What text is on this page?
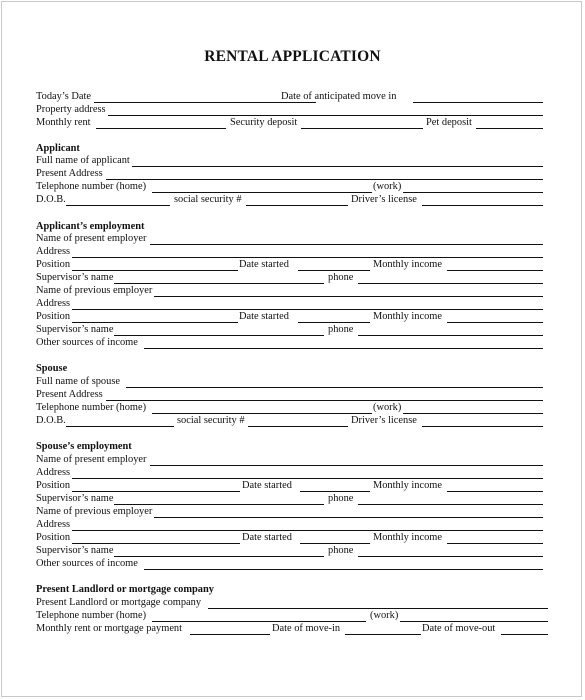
RENTAL APPLICATION
Today’s Date	Date of anticipated move in
Property address
Monthly rent	Security deposit	Pet deposit
Applicant
Full name of applicant
Present Address
Telephone number (home)	(work)
D.O.B.	social security #	Driver’s license
Applicant’s employment
Name of present employer
Address
Position	Date started	Monthly income
Supervisor’s name	phone
Name of previous employer
Address
Position	Date started	Monthly income
Supervisor’s name	phone
Other sources of income
Spouse
Full name of spouse
Present Address
Telephone number (home)	(work)
D.O.B.	social security #	Driver’s license
Spouse’s employment
Name of present employer
Address
Position	Date started	Monthly income
Supervisor’s name	phone
Name of previous employer
Address
Position	Date started	Monthly income
Supervisor’s name	phone
Other sources of income
Present Landlord or mortgage company
Present Landlord or mortgage company
Telephone number (home)	(work)
Monthly rent or mortgage payment	Date of move-in	Date of move-out
